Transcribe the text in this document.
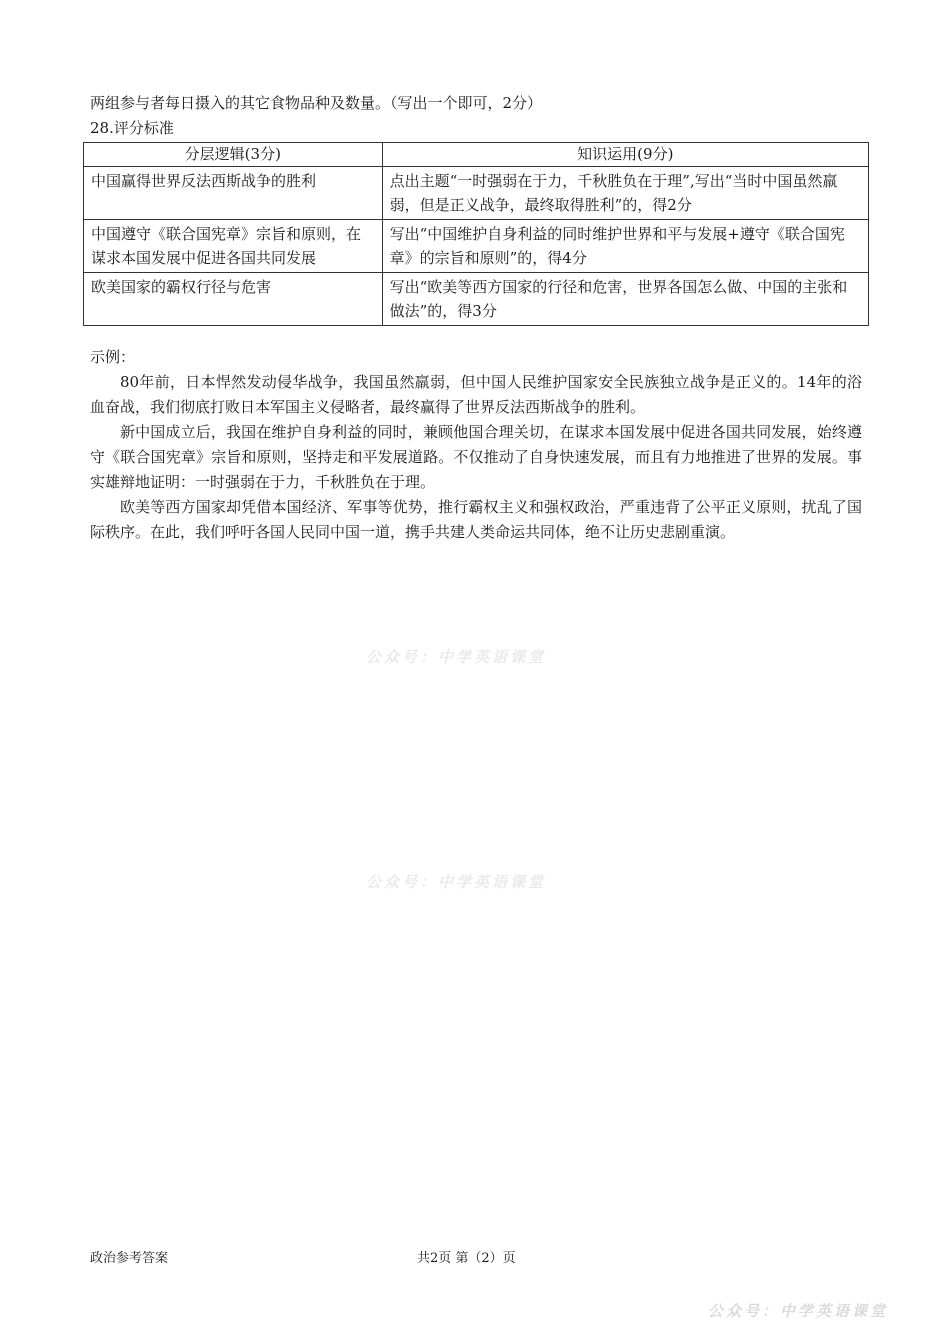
两组参与者每日摄入的其它食物品种及数量。（写出一个即可，2分）
28.评分标准
分层逻辑(3分)	知识运用(9分)
中国赢得世界反法西斯战争的胜利	点出主题“一时强弱在于力，千秋胜负在于理”,写出“当时中国虽然羸弱，但是正义战争，最终取得胜利”的，得2分
中国遵守《联合国宪章》宗旨和原则，在谋求本国发展中促进各国共同发展	写出“中国维护自身利益的同时维护世界和平与发展+遵守《联合国宪章》的宗旨和原则”的，得4分
欧美国家的霸权行径与危害	写出“欧美等西方国家的行径和危害，世界各国怎么做、中国的主张和做法”的，得3分
示例：

80年前，日本悍然发动侵华战争，我国虽然羸弱，但中国人民维护国家安全民族独立战争是正义的。14年的浴血奋战，我们彻底打败日本军国主义侵略者，最终赢得了世界反法西斯战争的胜利。

新中国成立后，我国在维护自身利益的同时，兼顾他国合理关切，在谋求本国发展中促进各国共同发展，始终遵守《联合国宪章》宗旨和原则，坚持走和平发展道路。不仅推动了自身快速发展，而且有力地推进了世界的发展。事实雄辩地证明：一时强弱在于力，千秋胜负在于理。

欧美等西方国家却凭借本国经济、军事等优势，推行霸权主义和强权政治，严重违背了公平正义原则，扰乱了国际秩序。在此，我们呼吁各国人民同中国一道，携手共建人类命运共同体，绝不让历史悲剧重演。

公众号：中学英语课堂
公众号：中学英语课堂
公众号：中学英语课堂
政治参考答案	共2页 第（2）页
